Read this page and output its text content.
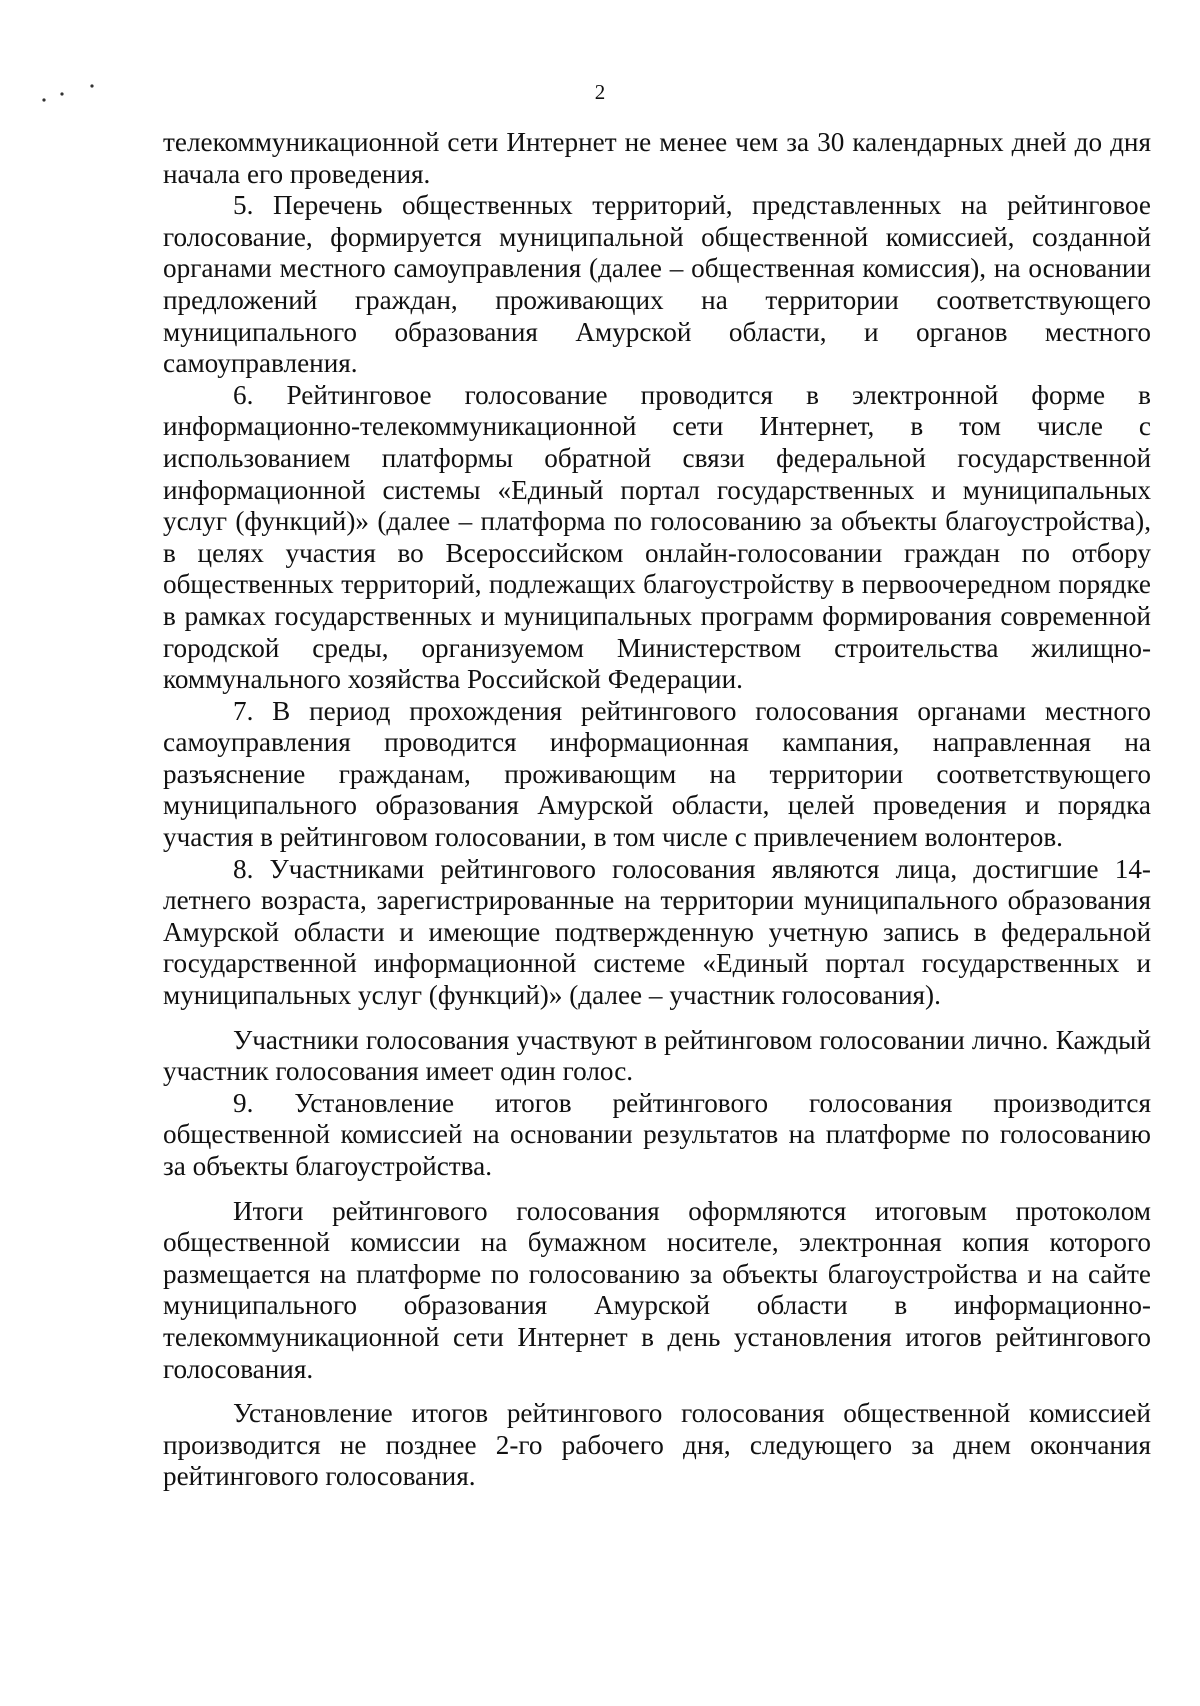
2

телекоммуникационной сети Интернет не менее чем за 30 календарных дней до дня начала его проведения.

5. Перечень общественных территорий, представленных на рейтинговое голосование, формируется муниципальной общественной комиссией, созданной органами местного самоуправления (далее – общественная комиссия), на основании предложений граждан, проживающих на территории соответствующего муниципального образования Амурской области, и органов местного самоуправления.

6. Рейтинговое голосование проводится в электронной форме в информационно-телекоммуникационной сети Интернет, в том числе с использованием платформы обратной связи федеральной государственной информационной системы «Единый портал государственных и муниципальных услуг (функций)» (далее – платформа по голосованию за объекты благоустройства), в целях участия во Всероссийском онлайн-голосовании граждан по отбору общественных территорий, подлежащих благоустройству в первоочередном порядке в рамках государственных и муниципальных программ формирования современной городской среды, организуемом Министерством строительства жилищно-коммунального хозяйства Российской Федерации.

7. В период прохождения рейтингового голосования органами местного самоуправления проводится информационная кампания, направленная на разъяснение гражданам, проживающим на территории соответствующего муниципального образования Амурской области, целей проведения и порядка участия в рейтинговом голосовании, в том числе с привлечением волонтеров.

8. Участниками рейтингового голосования являются лица, достигшие 14-летнего возраста, зарегистрированные на территории муниципального образования Амурской области и имеющие подтвержденную учетную запись в федеральной государственной информационной системе «Единый портал государственных и муниципальных услуг (функций)» (далее – участник голосования).

Участники голосования участвуют в рейтинговом голосовании лично. Каждый участник голосования имеет один голос.

9. Установление итогов рейтингового голосования производится общественной комиссией на основании результатов на платформе по голосованию за объекты благоустройства.

Итоги рейтингового голосования оформляются итоговым протоколом общественной комиссии на бумажном носителе, электронная копия которого размещается на платформе по голосованию за объекты благоустройства и на сайте муниципального образования Амурской области в информационно-телекоммуникационной сети Интернет в день установления итогов рейтингового голосования.

Установление итогов рейтингового голосования общественной комиссией производится не позднее 2-го рабочего дня, следующего за днем окончания рейтингового голосования.
